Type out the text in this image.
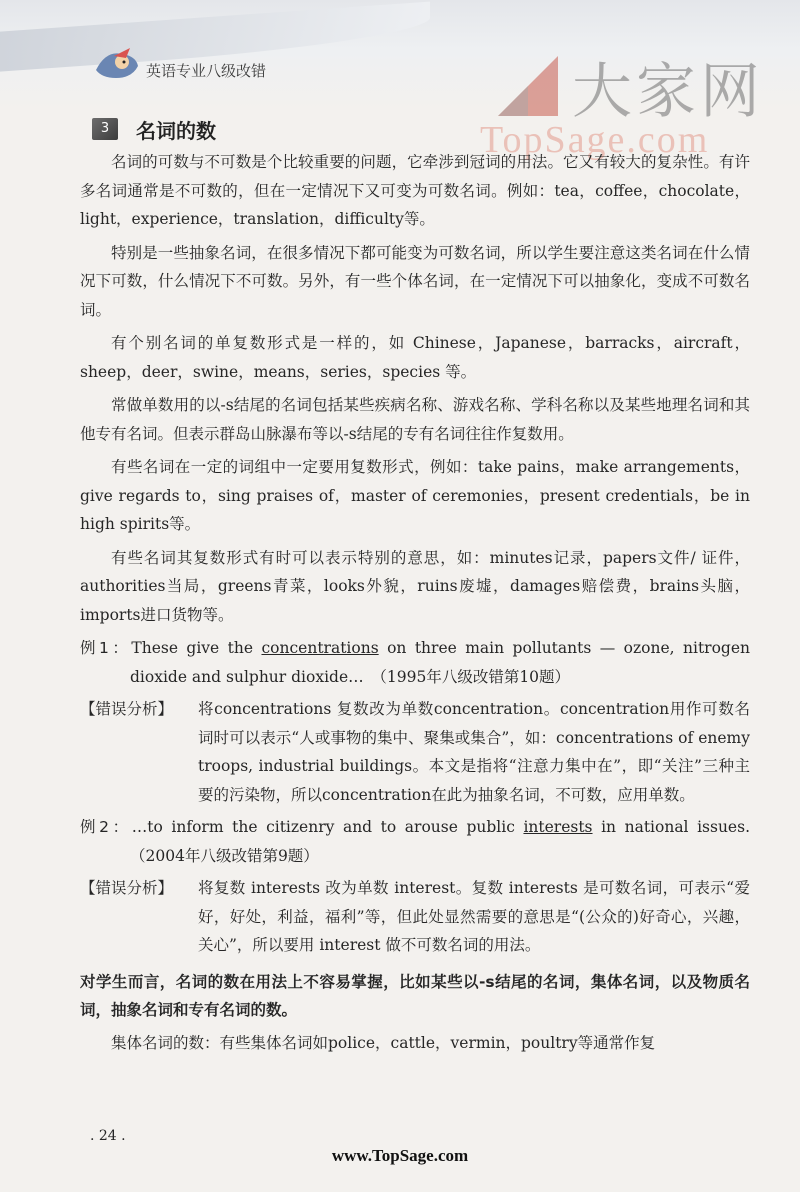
英语专业八级改错	大家网
TopSage.com
3	名词的数

名词的可数与不可数是个比较重要的问题，它牵涉到冠词的用法。它又有较大的复杂性。有许多名词通常是不可数的，但在一定情况下又可变为可数名词。例如：tea，coffee，chocolate，light，experience，translation，difficulty等。

特别是一些抽象名词，在很多情况下都可能变为可数名词，所以学生要注意这类名词在什么情况下可数，什么情况下不可数。另外，有一些个体名词，在一定情况下可以抽象化，变成不可数名词。

有个别名词的单复数形式是一样的，如 Chinese，Japanese，barracks，aircraft，sheep，deer，swine，means，series，species 等。

常做单数用的以-s结尾的名词包括某些疾病名称、游戏名称、学科名称以及某些地理名词和其他专有名词。但表示群岛山脉瀑布等以-s结尾的专有名词往往作复数用。

有些名词在一定的词组中一定要用复数形式，例如：take pains，make arrangements，give regards to，sing praises of，master of ceremonies，present credentials，be in high spirits等。

有些名词其复数形式有时可以表示特别的意思，如：minutes记录，papers文件/ 证件，authorities当局，greens青菜，looks外貌，ruins废墟，damages赔偿费，brains头脑，imports进口货物等。

例1：These give the concentrations on three main pollutants — ozone, nitrogen dioxide and sulphur dioxide…　（1995年八级改错第10题）

【错误分析】	将concentrations 复数改为单数concentration。concentration用作可数名词时可以表示“人或事物的集中、聚集或集合”，如：concentrations of enemy troops, industrial buildings。本文是指将“注意力集中在”，即“关注”三种主要的污染物，所以concentration在此为抽象名词，不可数，应用单数。

例2：…to inform the citizenry and to arouse public interests in national issues.　（2004年八级改错第9题）

【错误分析】	将复数 interests 改为单数 interest。复数 interests 是可数名词，可表示“爱好，好处，利益，福利”等，但此处显然需要的意思是“(公众的)好奇心，兴趣，关心”，所以要用 interest 做不可数名词的用法。

对学生而言，名词的数在用法上不容易掌握，比如某些以-s结尾的名词，集体名词，以及物质名词，抽象名词和专有名词的数。

集体名词的数：有些集体名词如police，cattle，vermin，poultry等通常作复

. 24 .
www.TopSage.com
